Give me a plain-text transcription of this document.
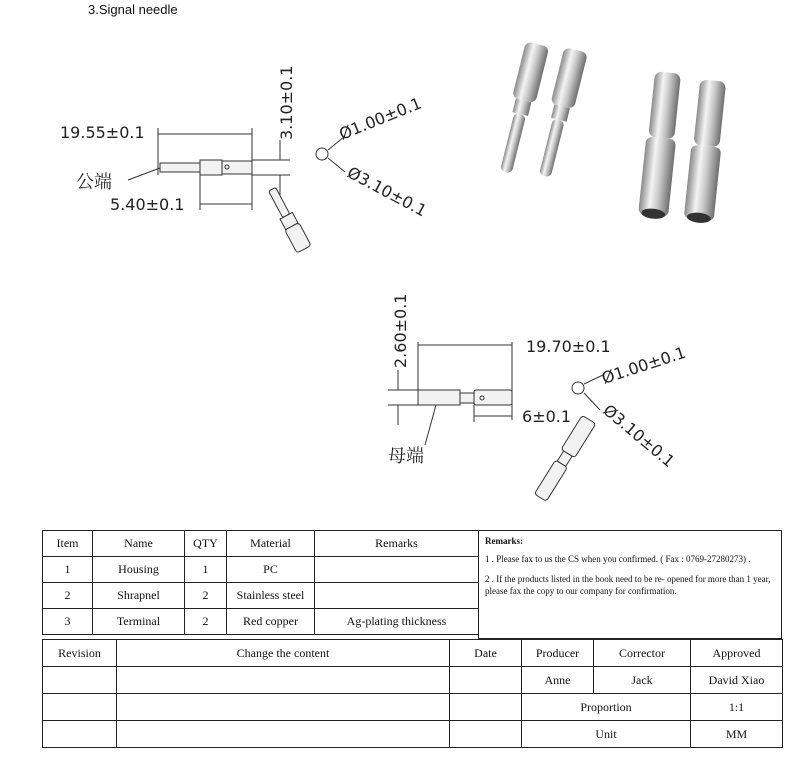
3.Signal needle
19.55±0.1	3.10±0.1
5.40±0.1
公端
Ø1.00±0.1
Ø3.10±0.1
2.60±0.1	19.70±0.1
6±0.1
母端
Ø1.00±0.1
Ø3.10±0.1
Item	Name	QTY	Material	Remarks
1	Housing	1	PC	
2	Shrapnel	2	Stainless steel	
3	Terminal	2	Red copper	Ag-plating thickness
Remarks:
1 . Please fax to us the CS when you confirmed. ( Fax : 0769-27280273) .
2 . If the products listed in the book need to be re- opened for more than 1 year, please fax the copy to our company for confirmation.
Revision	Change the content	Date	Producer	Corrector	Approved
			Anne	Jack	David Xiao
			Proportion		1:1
			Unit		MM
